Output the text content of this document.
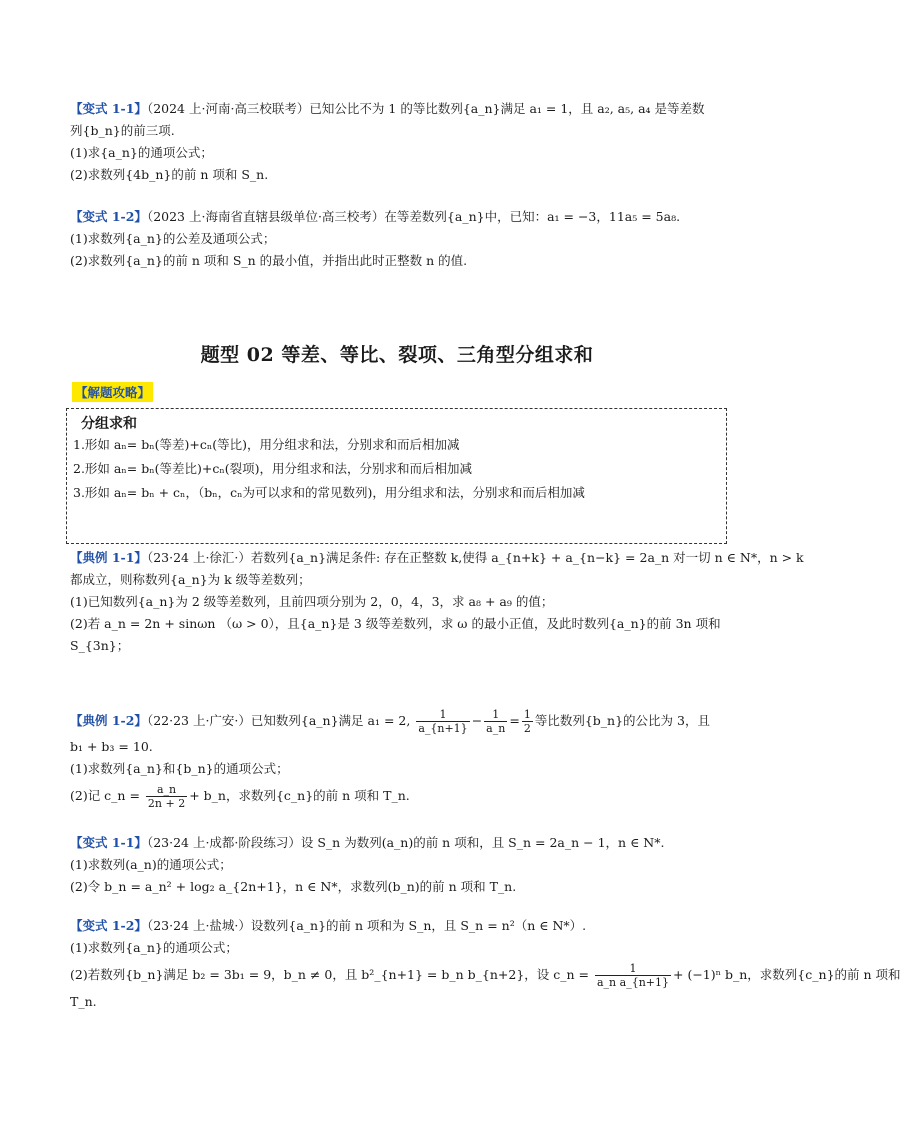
【变式 1-1】（2024 上·河南·高三校联考）已知公比不为 1 的等比数列{a_n}满足 a₁ = 1，且 a₂, a₅, a₄ 是等差数
列{b_n}的前三项.
(1)求{a_n}的通项公式；
(2)求数列{4b_n}的前 n 项和 S_n.
【变式 1-2】（2023 上·海南省直辖县级单位·高三校考）在等差数列{a_n}中，已知：a₁ = −3，11a₅ = 5a₈.
(1)求数列{a_n}的公差及通项公式；
(2)求数列{a_n}的前 n 项和 S_n 的最小值，并指出此时正整数 n 的值.
题型 02 等差、等比、裂项、三角型分组求和
【解题攻略】
分组求和
1.形如 aₙ= bₙ(等差)+cₙ(等比)，用分组求和法，分别求和而后相加减
2.形如 aₙ= bₙ(等差比)+cₙ(裂项)，用分组求和法，分别求和而后相加减
3.形如 aₙ= bₙ + cₙ，（bₙ，cₙ为可以求和的常见数列)，用分组求和法，分别求和而后相加减
【典例 1-1】（23·24 上·徐汇·）若数列{a_n}满足条件: 存在正整数 k,使得 a_{n+k} + a_{n−k} = 2a_n 对一切 n ∈ N*，n > k
都成立，则称数列{a_n}为 k 级等差数列；
(1)已知数列{a_n}为 2 级等差数列，且前四项分别为 2，0，4，3，求 a₈ + a₉ 的值；
(2)若 a_n = 2n + sinωn （ω > 0），且{a_n}是 3 级等差数列，求 ω 的最小正值，及此时数列{a_n}的前 3n 项和
S_{3n}；
【典例 1-2】（22·23 上·广安·）已知数列{a_n}满足 a₁ = 2, $\frac{1}{a\_\{n+1\}} - \frac{1}{a\_n} = \frac{1}{2}$ 等比数列{b_n}的公比为 3，且
b₁ + b₃ = 10.
(1)求数列{a_n}和{b_n}的通项公式；
(2)记 c_n = $\frac{a\_n}{2n + 2}$ + b_n，求数列{c_n}的前 n 项和 T_n.
【变式 1-1】（23·24 上·成都·阶段练习）设 S_n 为数列(a_n)的前 n 项和，且 S_n = 2a_n − 1，n ∈ N*.
(1)求数列(a_n)的通项公式；
(2)令 b_n = a_n² + log₂ a_{2n+1}，n ∈ N*，求数列(b_n)的前 n 项和 T_n.
【变式 1-2】（23·24 上·盐城·）设数列{a_n}的前 n 项和为 S_n，且 S_n = n²（n ∈ N*）.
(1)求数列{a_n}的通项公式；
(2)若数列{b_n}满足 b₂ = 3b₁ = 9，b_n ≠ 0，且 b²_{n+1} = b_n b_{n+2}，设 c_n = $\frac{1}{\text{a\_n a\_\{n+1\}}} + (-1)^n$ b_n，求数列{c_n}的前 n 项和
T_n.
